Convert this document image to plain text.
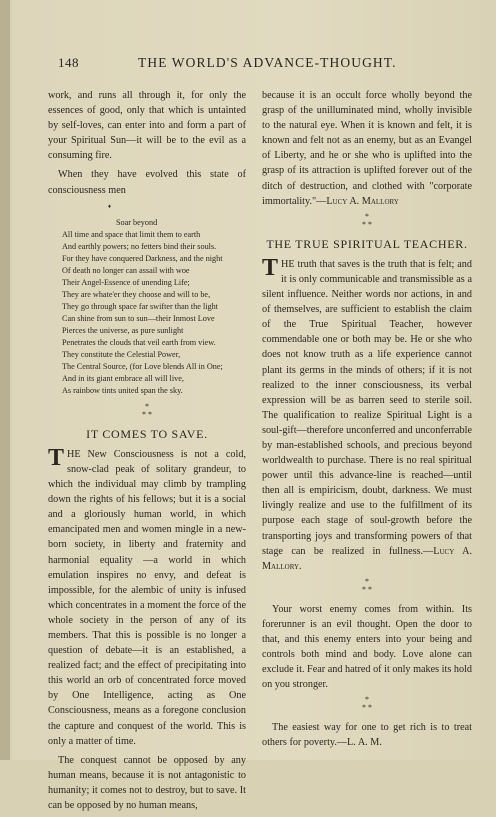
148	THE WORLD'S ADVANCE-THOUGHT.

work, and runs all through it, for only the essences of good, only that which is untainted by self-loves, can enter into and form a part of your Spiritual Sun—it will be to the evil as a consuming fire.

When they have evolved this state of consciousness men

♦
Soar beyond
All time and space that limit them to earth
And earthly powers; no fetters bind their souls.
For they have conquered Darkness, and the night
Of death no longer can assail with woe
Their Angel-Essence of unending Life;
They are whate'er they choose and will to be,
They go through space far swifter than the light
Can shine from sun to sun—their Inmost Love
Pierces the universe, as pure sunlight
Penetrates the clouds that veil earth from view.
They constitute the Celestial Power,
The Central Source, (for Love blends All in One;
And in its giant embrace all will live,
As rainbow tints united span the sky.
*
* *
IT COMES TO SAVE.

THE New Consciousness is not a cold, snow-clad peak of solitary grandeur, to which the individual may climb by trampling down the rights of his fellows; but it is a social and a gloriously human world, in which emancipated men and women mingle in a new-born society, in liberty and fraternity and harmonial equality —a world in which emulation inspires no envy, and defeat is impossible, for the alembic of unity is infused which concentrates in a moment the force of the whole society in the person of any of its members. That this is possible is no longer a question of debate—it is an established, a realized fact; and the effect of precipitating into this world an orb of concentrated force moved by One Intelligence, acting as One Consciousness, means as a foregone conclusion the capture and conquest of the world. This is only a matter of time.

The conquest cannot be opposed by any human means, because it is not antagonistic to humanity; it comes not to destroy, but to save. It can be opposed by no human means,

because it is an occult force wholly beyond the grasp of the unilluminated mind, wholly invisible to the natural eye. When it is known and felt, it is known and felt not as an enemy, but as an Evangel of Liberty, and he or she who is uplifted into the grasp of its attraction is uplifted forever out of the ditch of destruction, and clothed with "corporate immortality."—Lucy A. Mallory

*
* *
THE TRUE SPIRITUAL TEACHER.

THE truth that saves is the truth that is felt; and it is only communicable and transmissible as a silent influence. Neither words nor actions, in and of themselves, are sufficient to establish the claim of the True Spiritual Teacher, however commendable one or both may be. He or she who does not know truth as a life experience cannot plant its germs in the minds of others; if it is not realized to the inner consciousness, its verbal expression will be as barren seed to sterile soil. The qualification to realize Spiritual Light is a soul-gift—therefore unconferred and unconferrable by man-established schools, and precious beyond worldwealth to purchase. There is no real spiritual power until this advance-line is reached—until then all is empiricism, doubt, darkness. We must livingly realize and use to the fulfillment of its purpose each stage of soul-growth before the transporting joys and transforming powers of that stage can be realized in fullness.—Lucy A. Mallory.

*
* *

Your worst enemy comes from within. Its forerunner is an evil thought. Open the door to that, and this enemy enters into your being and controls both mind and body. Love alone can exclude it. Fear and hatred of it only makes its hold on you stronger.

*
* *

The easiest way for one to get rich is to treat others for poverty.—L. A. M.
